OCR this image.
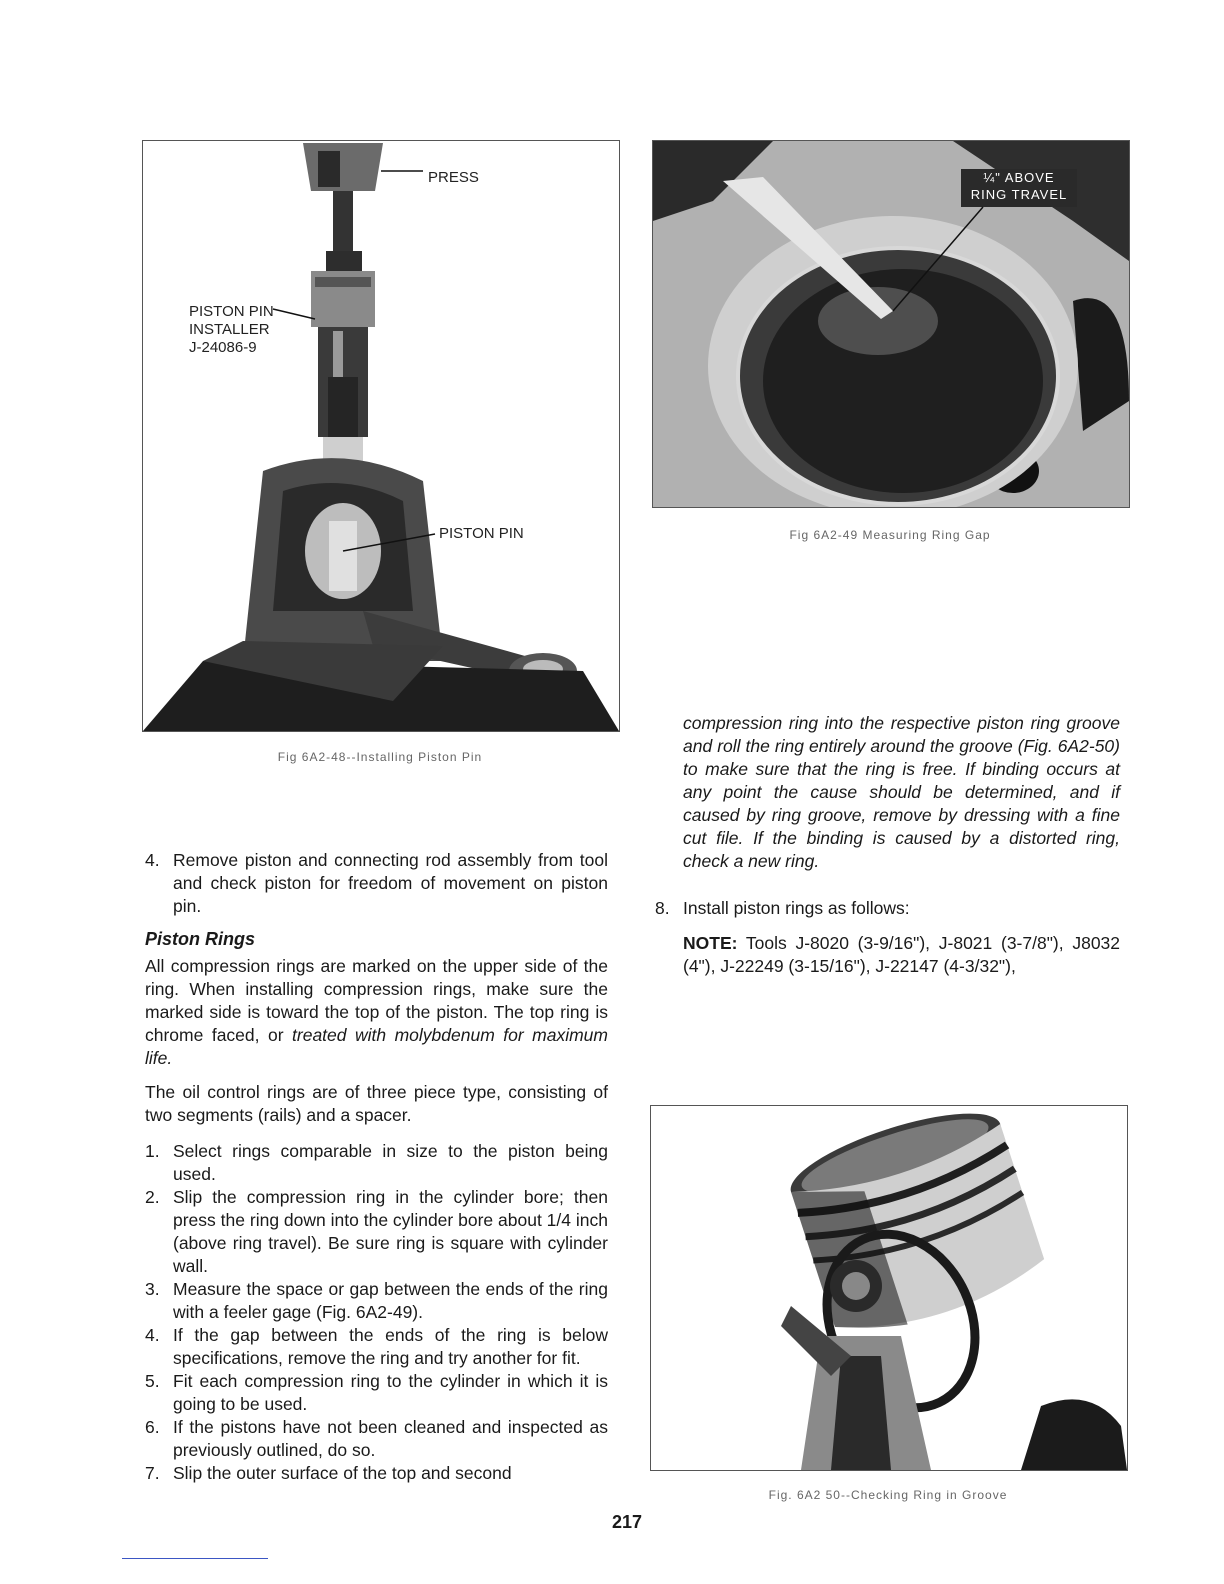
PRESS
PISTON PIN
INSTALLER
J-24086-9
PISTON PIN
Fig 6A2-48--Installing Piston Pin
¼" ABOVE
RING TRAVEL
Fig 6A2-49 Measuring Ring Gap
4. Remove piston and connecting rod assembly from tool and check piston for freedom of movement on piston pin.
Piston Rings

All compression rings are marked on the upper side of the ring. When installing compression rings, make sure the marked side is toward the top of the piston. The top ring is chrome faced, or treated with molybdenum for maximum life.

The oil control rings are of three piece type, consisting of two segments (rails) and a spacer.

1. Select rings comparable in size to the piston being used.
2. Slip the compression ring in the cylinder bore; then press the ring down into the cylinder bore about 1/4 inch (above ring travel). Be sure ring is square with cylinder wall.
3. Measure the space or gap between the ends of the ring with a feeler gage (Fig. 6A2-49).
4. If the gap between the ends of the ring is below specifications, remove the ring and try another for fit.
5. Fit each compression ring to the cylinder in which it is going to be used.
6. If the pistons have not been cleaned and inspected as previously outlined, do so.
7. Slip the outer surface of the top and second

compression ring into the respective piston ring groove and roll the ring entirely around the groove (Fig. 6A2-50) to make sure that the ring is free. If binding occurs at any point the cause should be determined, and if caused by ring groove, remove by dressing with a fine cut file. If the binding is caused by a distorted ring, check a new ring.

8. Install piston rings as follows:

NOTE: Tools J-8020 (3-9/16"), J-8021 (3-7/8"), J8032 (4"), J-22249 (3-15/16"), J-22147 (4-3/32"),

Fig. 6A2 50--Checking Ring in Groove
217
